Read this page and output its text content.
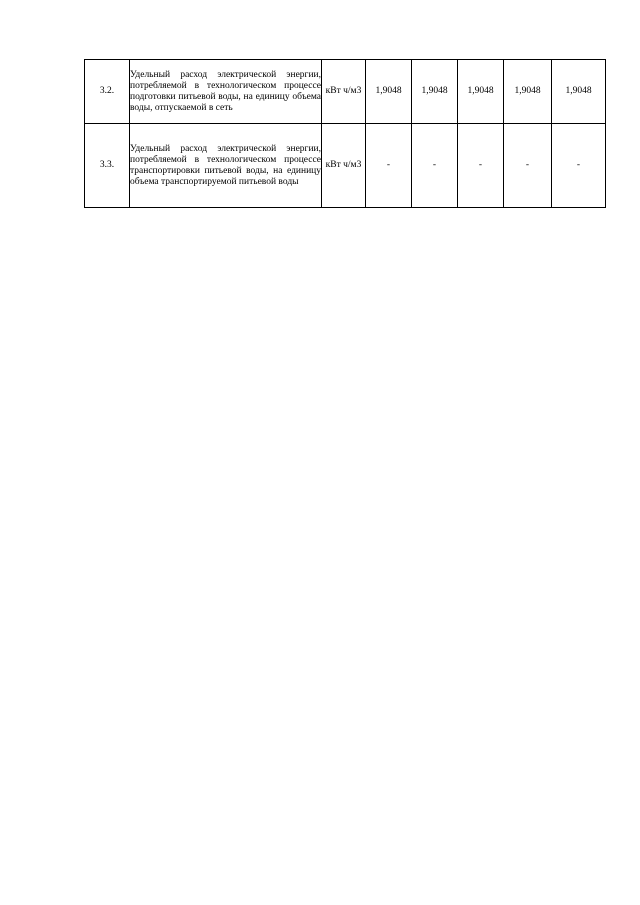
3.2.	Удельный расход электрической энергии, потребляемой в технологическом процессе подготовки питьевой воды, на единицу объема воды, отпускаемой в сеть	кВт ч/м3	1,9048	1,9048	1,9048	1,9048	1,9048
3.3.	Удельный расход электрической энергии, потребляемой в технологическом процессе транспортировки питьевой воды, на единицу объема транспортируемой питьевой воды	кВт ч/м3	-	-	-	-	-
